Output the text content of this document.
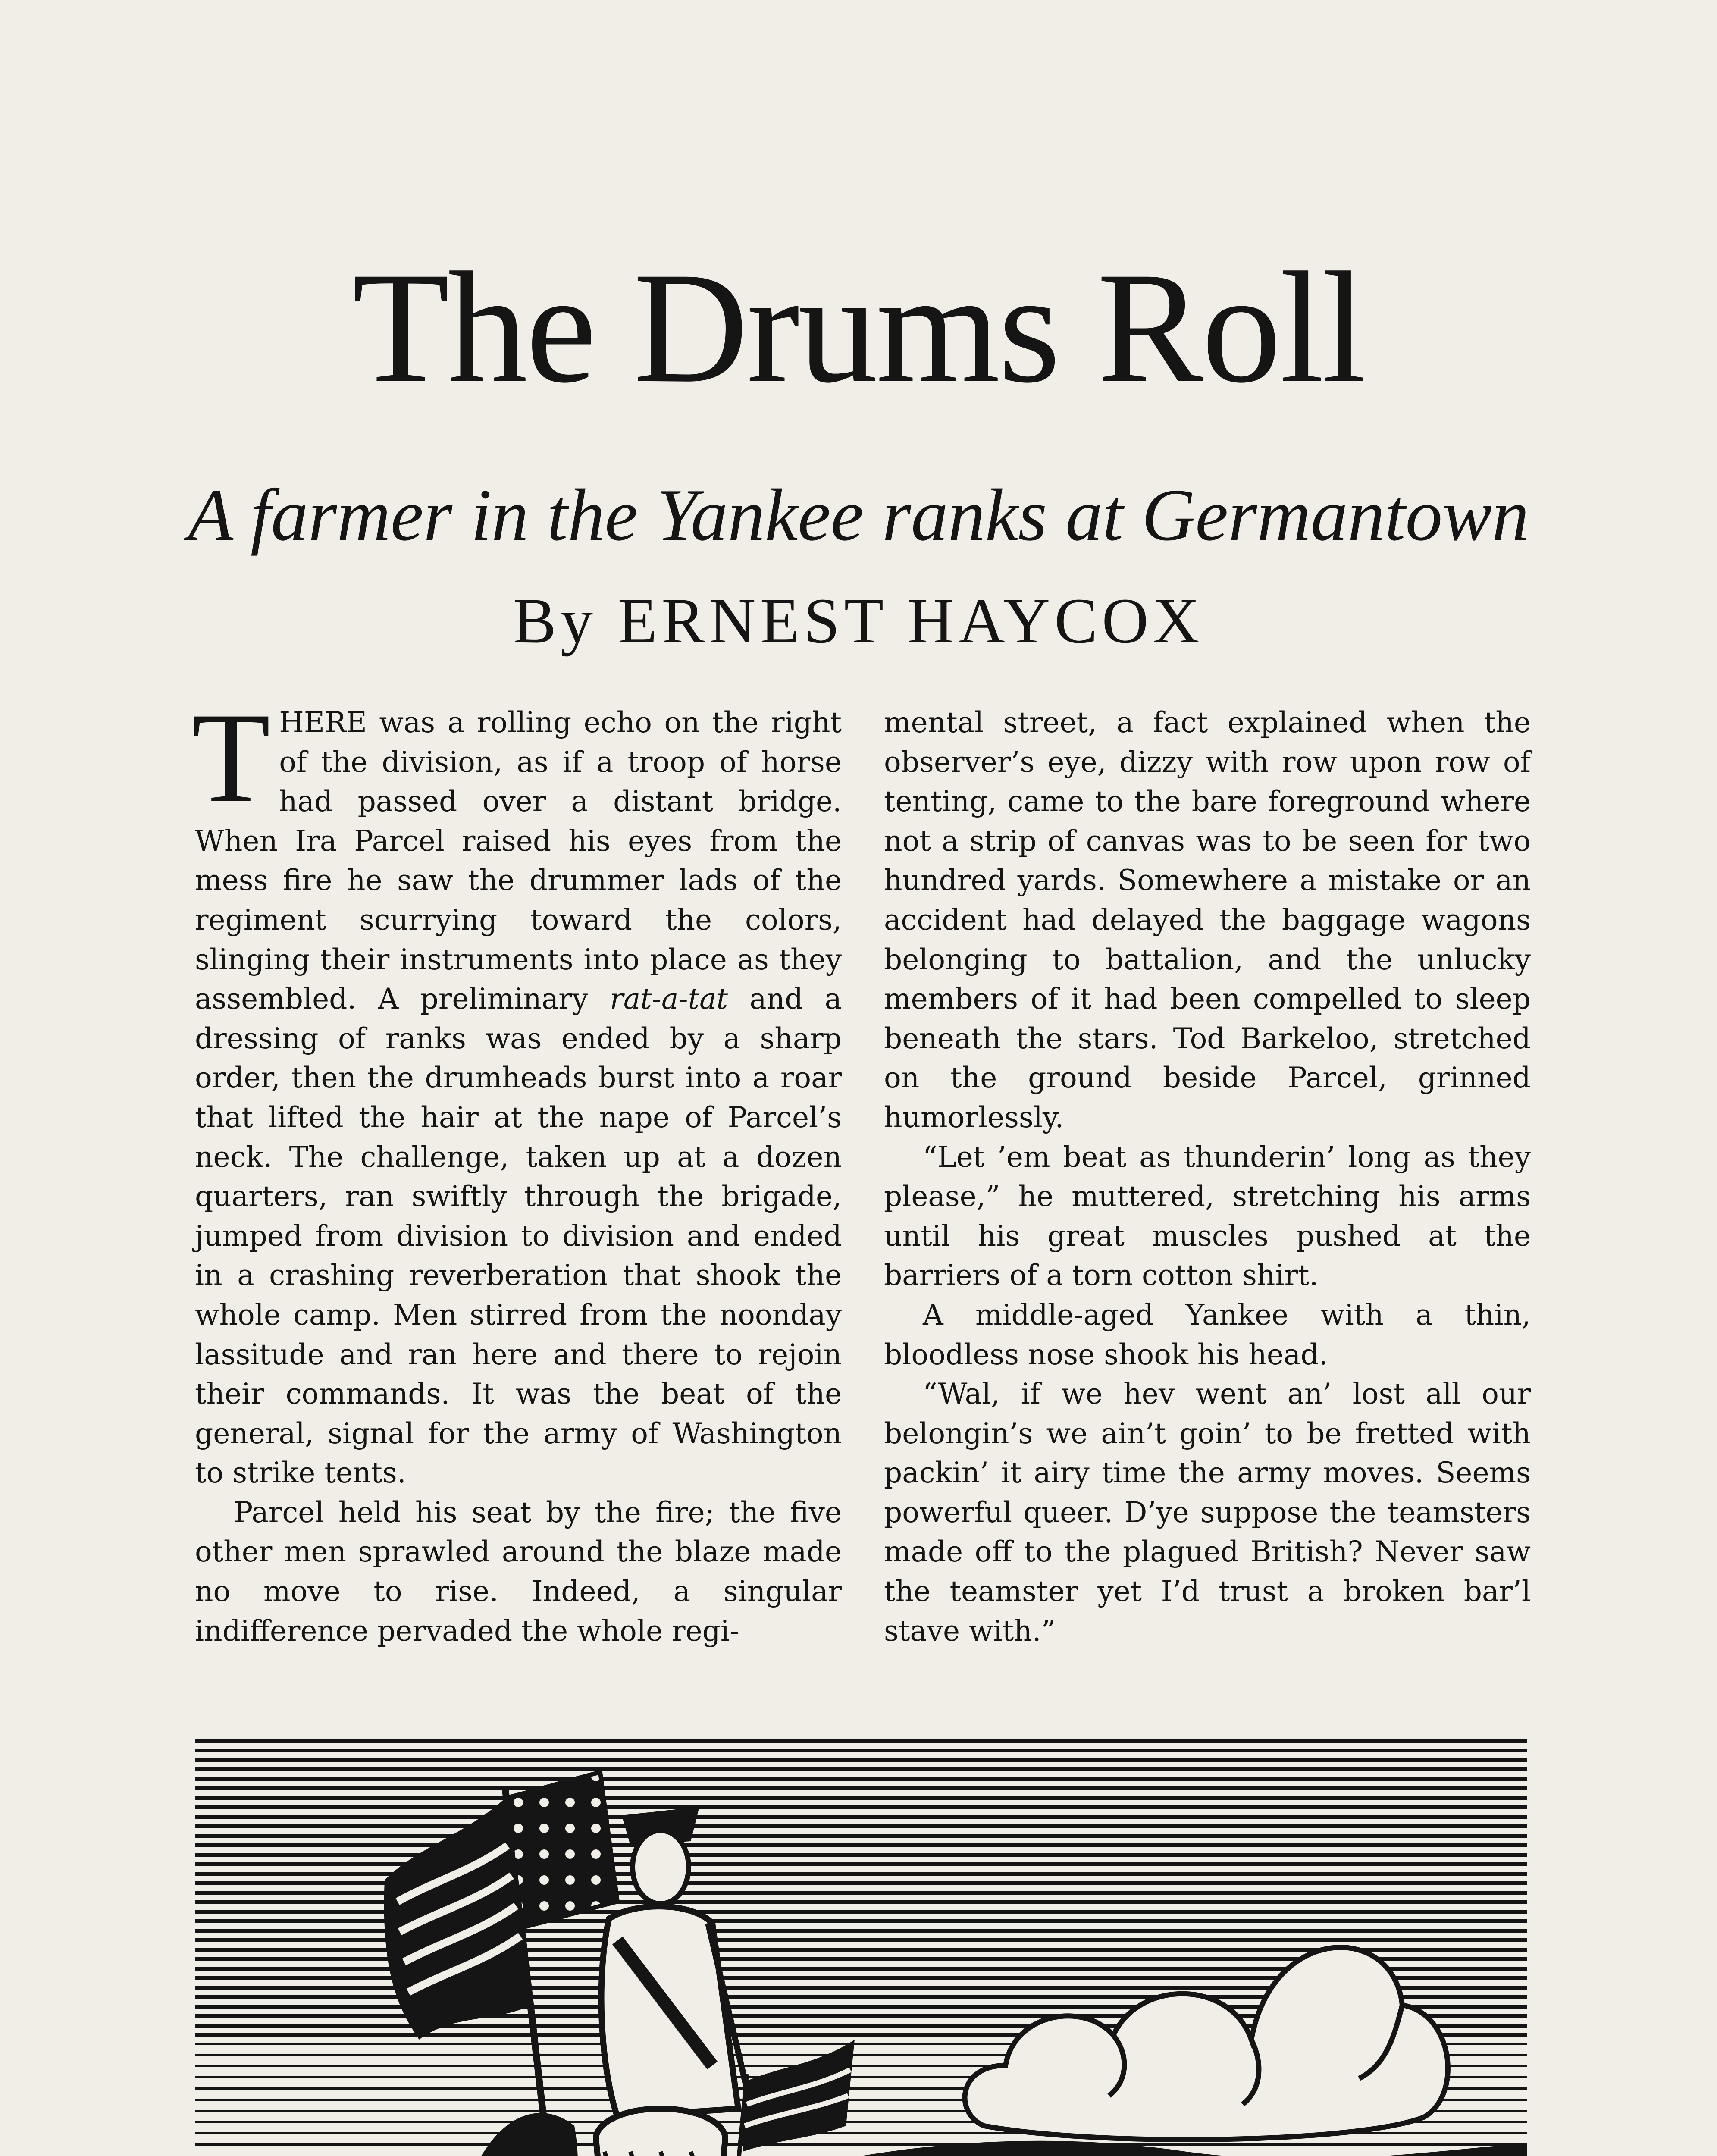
The Drums Roll
A farmer in the Yankee ranks at Germantown
By ERNEST HAYCOX

THERE was a rolling echo on the right of the division, as if a troop of horse had passed over a distant bridge. When Ira Parcel raised his eyes from the mess fire he saw the drummer lads of the regiment scurrying toward the colors, slinging their instruments into place as they assembled. A preliminary rat-a-tat and a dressing of ranks was ended by a sharp order, then the drumheads burst into a roar that lifted the hair at the nape of Parcel’s neck. The challenge, taken up at a dozen quarters, ran swiftly through the brigade, jumped from division to division and ended in a crashing reverberation that shook the whole camp. Men stirred from the noonday lassitude and ran here and there to rejoin their commands. It was the beat of the general, signal for the army of Washington to strike tents.

Parcel held his seat by the fire; the five other men sprawled around the blaze made no move to rise. Indeed, a singular indifference pervaded the whole regi-

mental street, a fact explained when the observer’s eye, dizzy with row upon row of tenting, came to the bare foreground where not a strip of canvas was to be seen for two hundred yards. Somewhere a mistake or an accident had delayed the baggage wagons belonging to battalion, and the unlucky members of it had been compelled to sleep beneath the stars. Tod Barkeloo, stretched on the ground beside Parcel, grinned humorlessly.

“Let ’em beat as thunderin’ long as they please,” he muttered, stretching his arms until his great muscles pushed at the barriers of a torn cotton shirt.

A middle-aged Yankee with a thin, bloodless nose shook his head.

“Wal, if we hev went an’ lost all our belongin’s we ain’t goin’ to be fretted with packin’ it airy time the army moves. Seems powerful queer. D’ye suppose the teamsters made off to the plagued British? Never saw the teamster yet I’d trust a broken bar’l stave with.”
